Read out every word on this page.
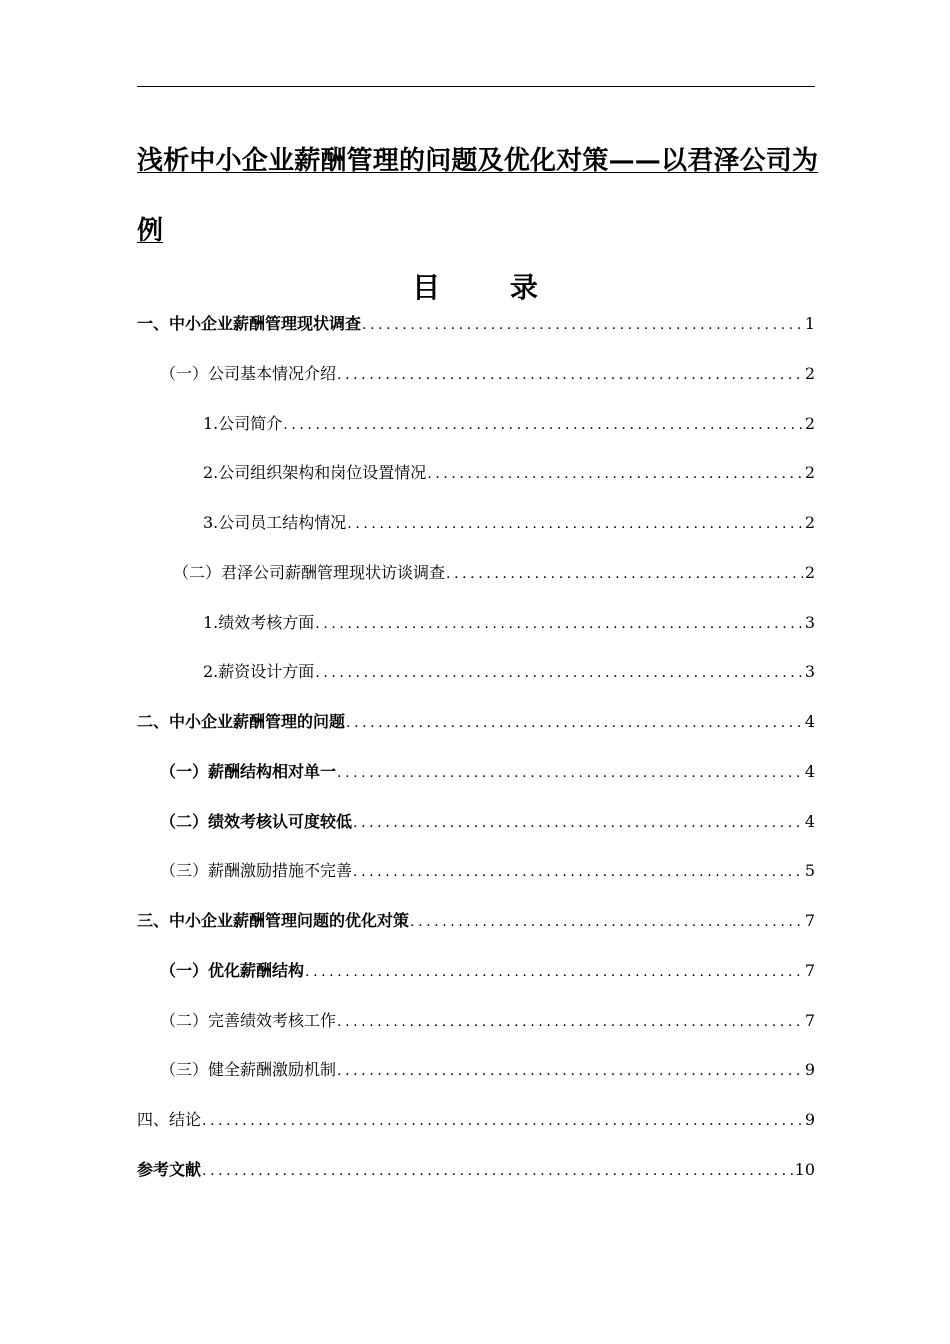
浅析中小企业薪酬管理的问题及优化对策——以君泽公司为例
目 录
一、中小企业薪酬管理现状调查 .....	1
（一）公司基本情况介绍 .....	2
1.公司简介 .....	2
2.公司组织架构和岗位设置情况 .....	2
3.公司员工结构情况 .....	2
（二）君泽公司薪酬管理现状访谈调查 .....	2
1.绩效考核方面 .....	3
2.薪资设计方面 .....	3
二、中小企业薪酬管理的问题 .....	4
（一）薪酬结构相对单一 .....	4
（二）绩效考核认可度较低 .....	4
（三）薪酬激励措施不完善 .....	5
三、中小企业薪酬管理问题的优化对策 .....	7
（一）优化薪酬结构 .....	7
（二）完善绩效考核工作 .....	7
（三）健全薪酬激励机制 .....	9
四、结论 .....	9
参考文献 .....	10
